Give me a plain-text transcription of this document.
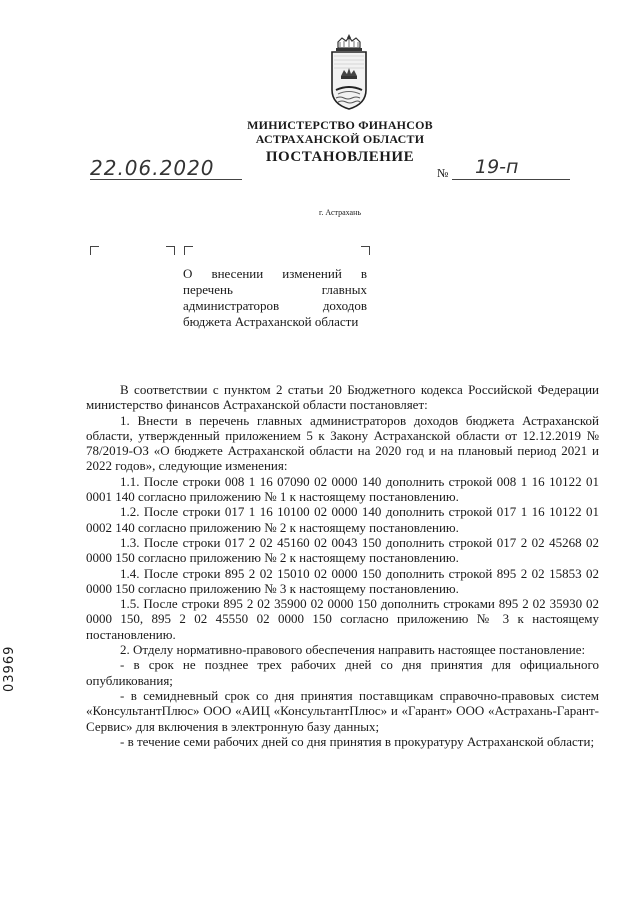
МИНИСТЕРСТВО ФИНАНСОВ
АСТРАХАНСКОЙ ОБЛАСТИ
ПОСТАНОВЛЕНИЕ
22.06.2020	№ 19-п
г. Астрахань
О внесении изменений в перечень главных администраторов доходов бюджета Астраханской области

В соответствии с пунктом 2 статьи 20 Бюджетного кодекса Российской Федерации министерство финансов Астраханской области постановляет:

1. Внести в перечень главных администраторов доходов бюджета Астраханской области, утвержденный приложением 5 к Закону Астраханской области от 12.12.2019 № 78/2019-ОЗ «О бюджете Астраханской области на 2020 год и на плановый период 2021 и 2022 годов», следующие изменения:

1.1. После строки 008 1 16 07090 02 0000 140 дополнить строкой 008 1 16 10122 01 0001 140 согласно приложению № 1 к настоящему постановлению.

1.2. После строки 017 1 16 10100 02 0000 140 дополнить строкой 017 1 16 10122 01 0002 140 согласно приложению № 2 к настоящему постановлению.

1.3. После строки 017 2 02 45160 02 0043 150 дополнить строкой 017 2 02 45268 02 0000 150 согласно приложению № 2 к настоящему постановлению.

1.4. После строки 895 2 02 15010 02 0000 150 дополнить строкой 895 2 02 15853 02 0000 150 согласно приложению № 3 к настоящему постановлению.

1.5. После строки 895 2 02 35900 02 0000 150 дополнить строками 895 2 02 35930 02 0000 150, 895 2 02 45550 02 0000 150 согласно приложению № 3 к настоящему постановлению.

2. Отделу нормативно-правового обеспечения направить настоящее постановление:

- в срок не позднее трех рабочих дней со дня принятия для официального опубликования;

- в семидневный срок со дня принятия поставщикам справочно-правовых систем «КонсультантПлюс» ООО «АИЦ «КонсультантПлюс» и «Гарант» ООО «Астрахань-Гарант-Сервис» для включения в электронную базу данных;

- в течение семи рабочих дней со дня принятия в прокуратуру Астраханской области;

03969
